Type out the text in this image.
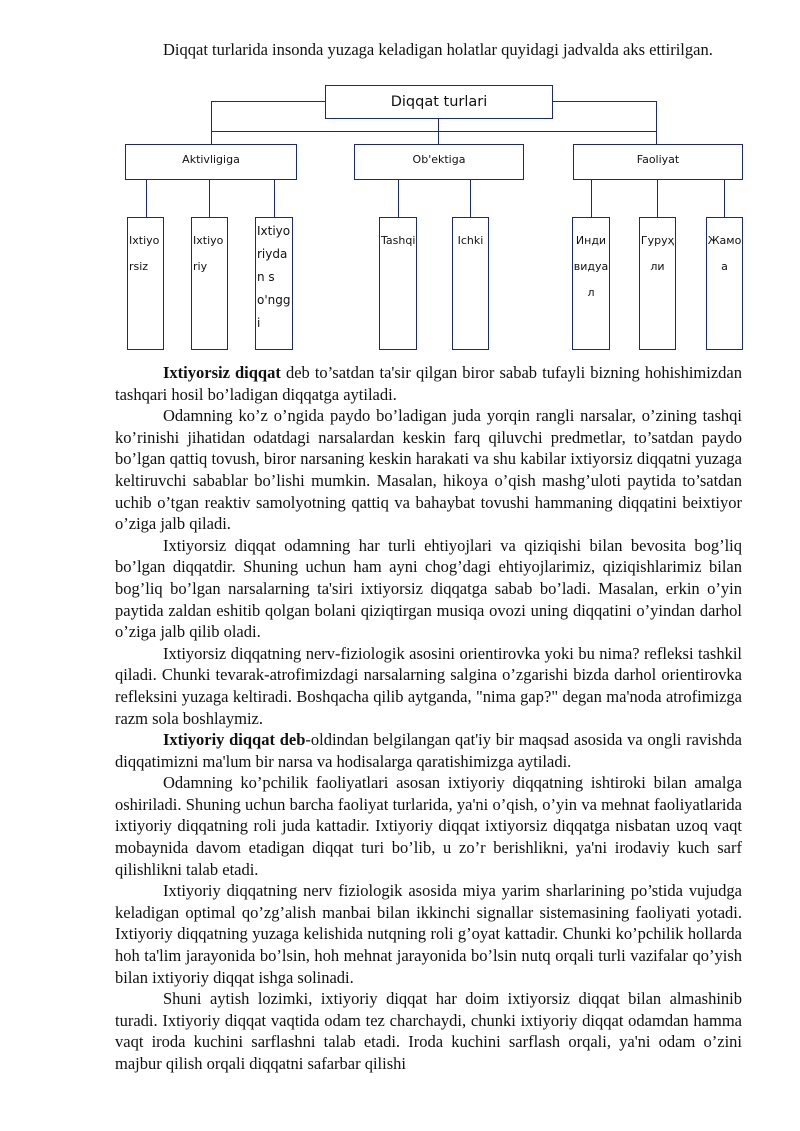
Diqqat turlarida insonda yuzaga keladigan holatlar quyidagi jadvalda aks ettirilgan.
Diqqat turlari
Aktivligiga	Ob'ektiga	Faoliyat
Ixtiyorsiz
Ixtiyoriy
Ixtiyoriydan so'nggi
Tashqi	Ichki	Индивидуал
Гуруҳли
Жамоа

Ixtiyorsiz diqqat deb to’satdan ta'sir qilgan biror sabab tufayli bizning hohishimizdan tashqari hosil bo’ladigan diqqatga aytiladi.

Odamning ko’z o’ngida paydo bo’ladigan juda yorqin rangli narsalar, o’zining tashqi ko’rinishi jihatidan odatdagi narsalardan keskin farq qiluvchi predmetlar, to’satdan paydo bo’lgan qattiq tovush, biror narsaning keskin harakati va shu kabilar ixtiyorsiz diqqatni yuzaga keltiruvchi sabablar bo’lishi mumkin. Masalan, hikoya o’qish mashg’uloti paytida to’satdan uchib o’tgan reaktiv samolyotning qattiq va bahaybat tovushi hammaning diqqatini beixtiyor o’ziga jalb qiladi.

Ixtiyorsiz diqqat odamning har turli ehtiyojlari va qiziqishi bilan bevosita bog’liq bo’lgan diqqatdir. Shuning uchun ham ayni chog’dagi ehtiyojlarimiz, qiziqishlarimiz bilan bog’liq bo’lgan narsalarning ta'siri ixtiyorsiz diqqatga sabab bo’ladi. Masalan, erkin o’yin paytida zaldan eshitib qolgan bolani qiziqtirgan musiqa ovozi uning diqqatini o’yindan darhol o’ziga jalb qilib oladi.

Ixtiyorsiz diqqatning nerv-fiziologik asosini orientirovka yoki bu nima? refleksi tashkil qiladi. Chunki tevarak-atrofimizdagi narsalarning salgina o’zgarishi bizda darhol orientirovka refleksini yuzaga keltiradi. Boshqacha qilib aytganda, "nima gap?" degan ma'noda atrofimizga razm sola boshlaymiz.

Ixtiyoriy diqqat deb-oldindan belgilangan qat'iy bir maqsad asosida va ongli ravishda diqqatimizni ma'lum bir narsa va hodisalarga qaratishimizga aytiladi.

Odamning ko’pchilik faoliyatlari asosan ixtiyoriy diqqatning ishtiroki bilan amalga oshiriladi. Shuning uchun barcha faoliyat turlarida, ya'ni o’qish, o’yin va mehnat faoliyatlarida ixtiyoriy diqqatning roli juda kattadir. Ixtiyoriy diqqat ixtiyorsiz diqqatga nisbatan uzoq vaqt mobaynida davom etadigan diqqat turi bo’lib, u zo’r berishlikni, ya'ni irodaviy kuch sarf qilishlikni talab etadi.

Ixtiyoriy diqqatning nerv fiziologik asosida miya yarim sharlarining po’stida vujudga keladigan optimal qo’zg’alish manbai bilan ikkinchi signallar sistemasining faoliyati yotadi. Ixtiyoriy diqqatning yuzaga kelishida nutqning roli g’oyat kattadir. Chunki ko’pchilik hollarda hoh ta'lim jarayonida bo’lsin, hoh mehnat jarayonida bo’lsin nutq orqali turli vazifalar qo’yish bilan ixtiyoriy diqqat ishga solinadi.

Shuni aytish lozimki, ixtiyoriy diqqat har doim ixtiyorsiz diqqat bilan almashinib turadi. Ixtiyoriy diqqat vaqtida odam tez charchaydi, chunki ixtiyoriy diqqat odamdan hamma vaqt iroda kuchini sarflashni talab etadi. Iroda kuchini sarflash orqali, ya'ni odam o’zini majbur qilish orqali diqqatni safarbar qilishi
